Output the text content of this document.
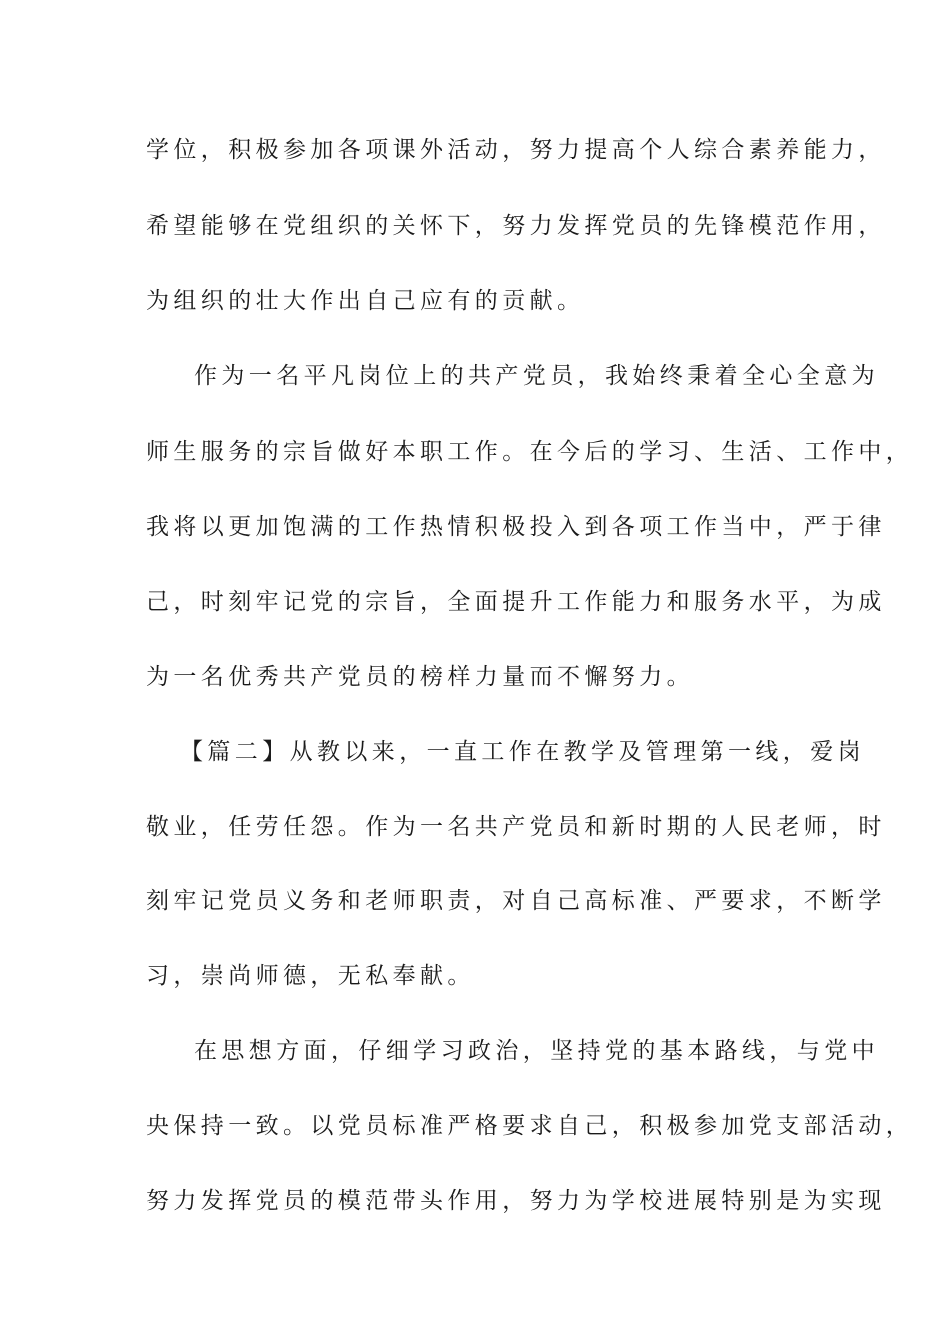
学位，积极参加各项课外活动，努力提高个人综合素养能力，
希望能够在党组织的关怀下，努力发挥党员的先锋模范作用，
为组织的壮大作出自己应有的贡献。
作为一名平凡岗位上的共产党员，我始终秉着全心全意为
师生服务的宗旨做好本职工作。在今后的学习、生活、工作中，
我将以更加饱满的工作热情积极投入到各项工作当中，严于律
己，时刻牢记党的宗旨，全面提升工作能力和服务水平，为成
为一名优秀共产党员的榜样力量而不懈努力。
【篇二】从教以来，一直工作在教学及管理第一线，爱岗
敬业，任劳任怨。作为一名共产党员和新时期的人民老师，时
刻牢记党员义务和老师职责，对自己高标准、严要求，不断学
习，崇尚师德，无私奉献。
在思想方面，仔细学习政治，坚持党的基本路线，与党中
央保持一致。以党员标准严格要求自己，积极参加党支部活动，
努力发挥党员的模范带头作用，努力为学校进展特别是为实现
